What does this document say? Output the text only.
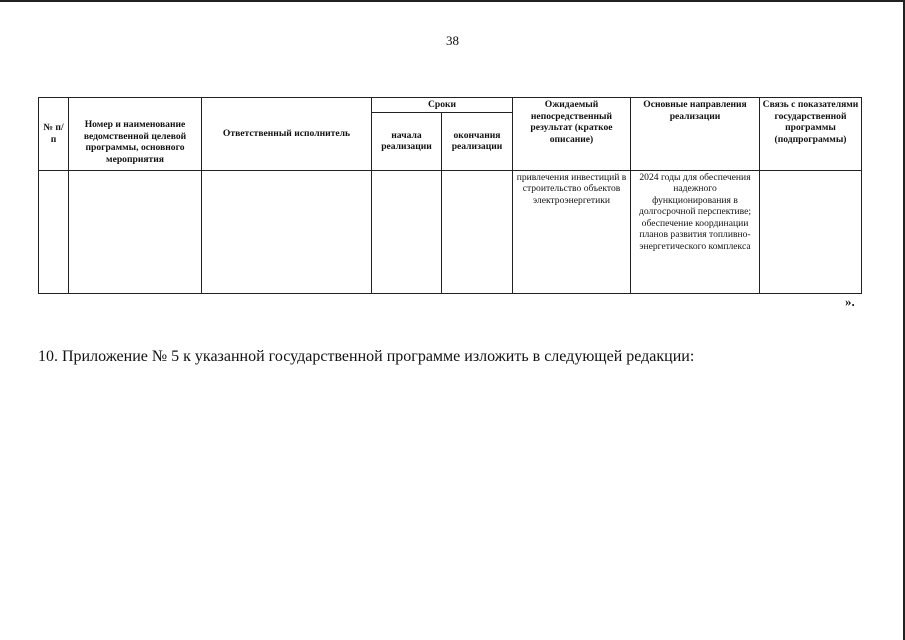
38
№ п/п	Номер и наименование ведомственной целевой программы, основного мероприятия	Ответственный исполнитель	Сроки		Ожидаемый непосредственный результат (краткое описание)	Основные направления реализации	Связь с показателями государственной программы (подпрограммы)
			начала реализации	окончания реализации			
					привлечения инвестиций в строительство объектов электроэнергетики	2024 годы для обеспечения надежного функционирования в долгосрочной перспективе; обеспечение координации планов развития топливно-энергетического комплекса	
».
10. Приложение № 5 к указанной государственной программе изложить в следующей редакции:
